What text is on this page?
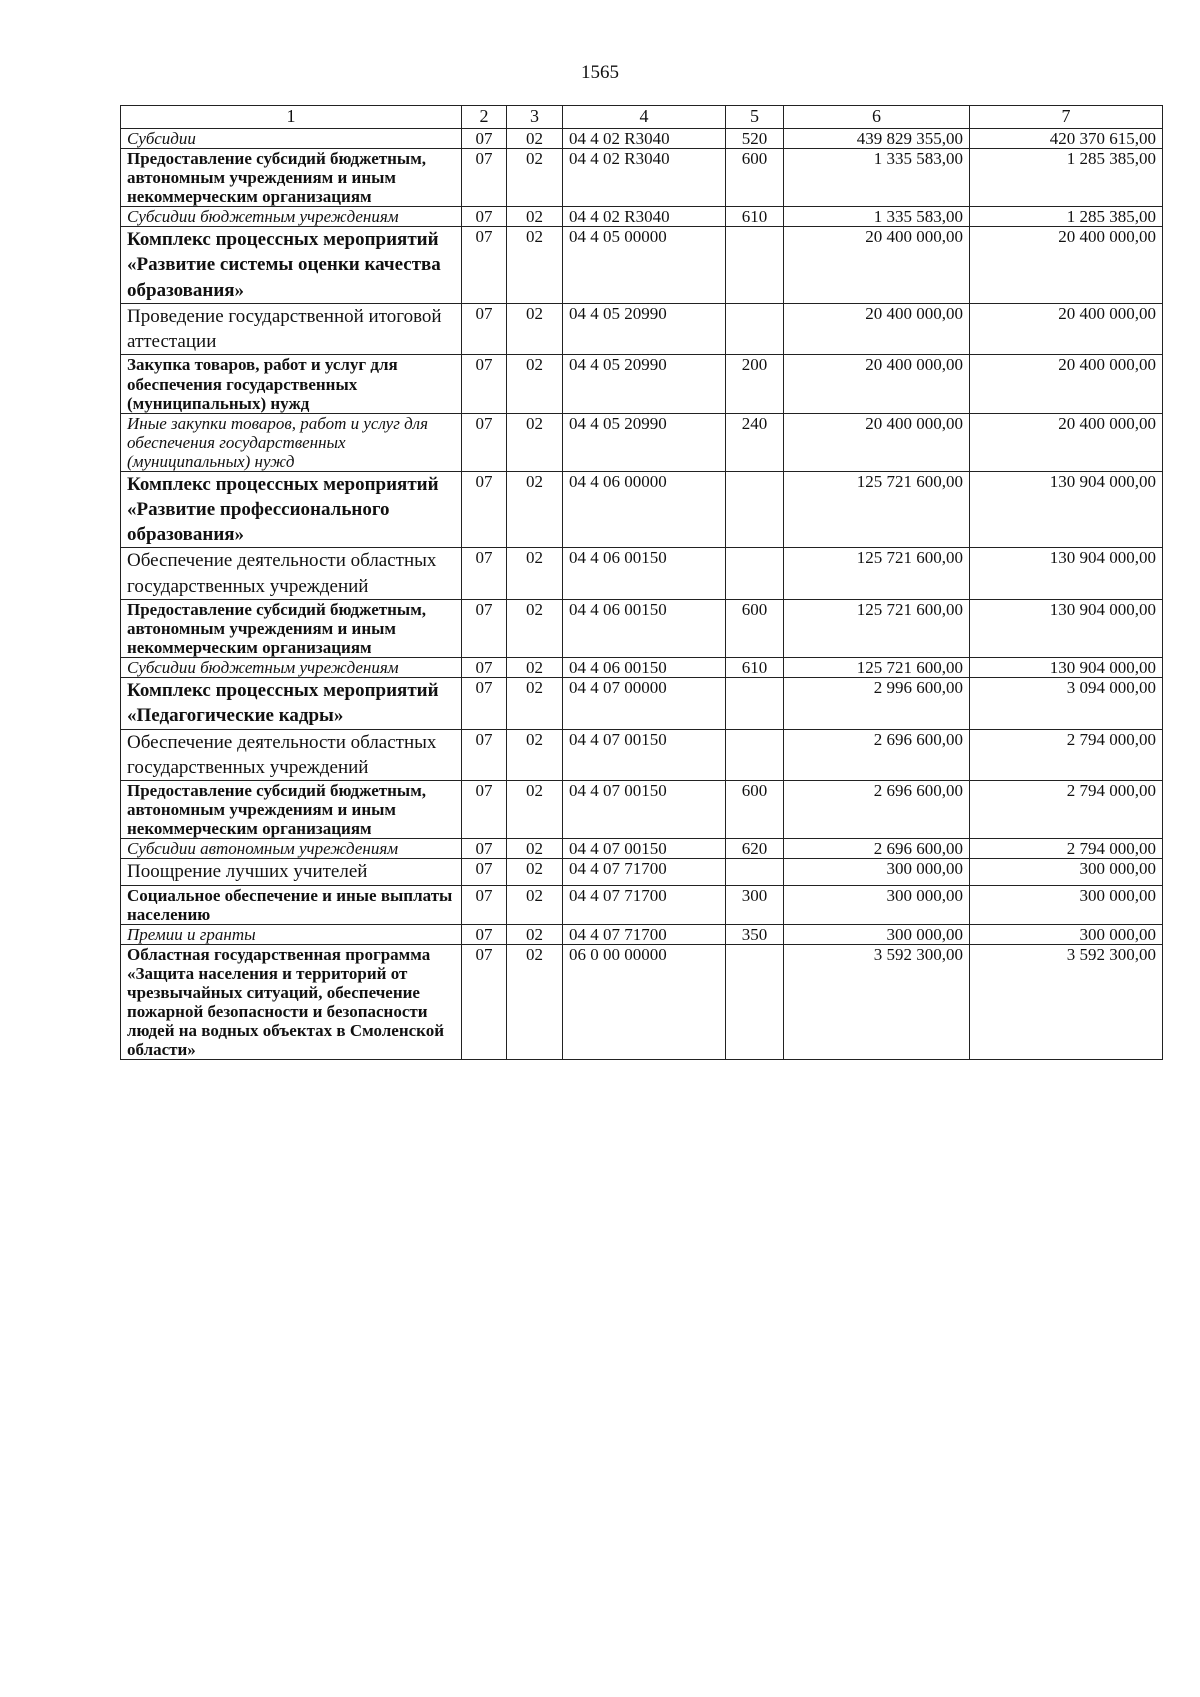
1565
1	2	3	4	5	6	7
Субсидии	07	02	04 4 02 R3040	520	439 829 355,00	420 370 615,00
Предоставление субсидий бюджетным, автономным учреждениям и иным некоммерческим организациям	07	02	04 4 02 R3040	600	1 335 583,00	1 285 385,00
Субсидии бюджетным учреждениям	07	02	04 4 02 R3040	610	1 335 583,00	1 285 385,00
Комплекс процессных мероприятий «Развитие системы оценки качества образования»	07	02	04 4 05 00000		20 400 000,00	20 400 000,00
Проведение государственной итоговой аттестации	07	02	04 4 05 20990		20 400 000,00	20 400 000,00
Закупка товаров, работ и услуг для обеспечения государственных (муниципальных) нужд	07	02	04 4 05 20990	200	20 400 000,00	20 400 000,00
Иные закупки товаров, работ и услуг для обеспечения государственных (муниципальных) нужд	07	02	04 4 05 20990	240	20 400 000,00	20 400 000,00
Комплекс процессных мероприятий «Развитие профессионального образования»	07	02	04 4 06 00000		125 721 600,00	130 904 000,00
Обеспечение деятельности областных государственных учреждений	07	02	04 4 06 00150		125 721 600,00	130 904 000,00
Предоставление субсидий бюджетным, автономным учреждениям и иным некоммерческим организациям	07	02	04 4 06 00150	600	125 721 600,00	130 904 000,00
Субсидии бюджетным учреждениям	07	02	04 4 06 00150	610	125 721 600,00	130 904 000,00
Комплекс процессных мероприятий «Педагогические кадры»	07	02	04 4 07 00000		2 996 600,00	3 094 000,00
Обеспечение деятельности областных государственных учреждений	07	02	04 4 07 00150		2 696 600,00	2 794 000,00
Предоставление субсидий бюджетным, автономным учреждениям и иным некоммерческим организациям	07	02	04 4 07 00150	600	2 696 600,00	2 794 000,00
Субсидии автономным учреждениям	07	02	04 4 07 00150	620	2 696 600,00	2 794 000,00
Поощрение лучших учителей	07	02	04 4 07 71700		300 000,00	300 000,00
Социальное обеспечение и иные выплаты населению	07	02	04 4 07 71700	300	300 000,00	300 000,00
Премии и гранты	07	02	04 4 07 71700	350	300 000,00	300 000,00
Областная государственная программа «Защита населения и территорий от чрезвычайных ситуаций, обеспечение пожарной безопасности и безопасности людей на водных объектах в Смоленской области»	07	02	06 0 00 00000		3 592 300,00	3 592 300,00
